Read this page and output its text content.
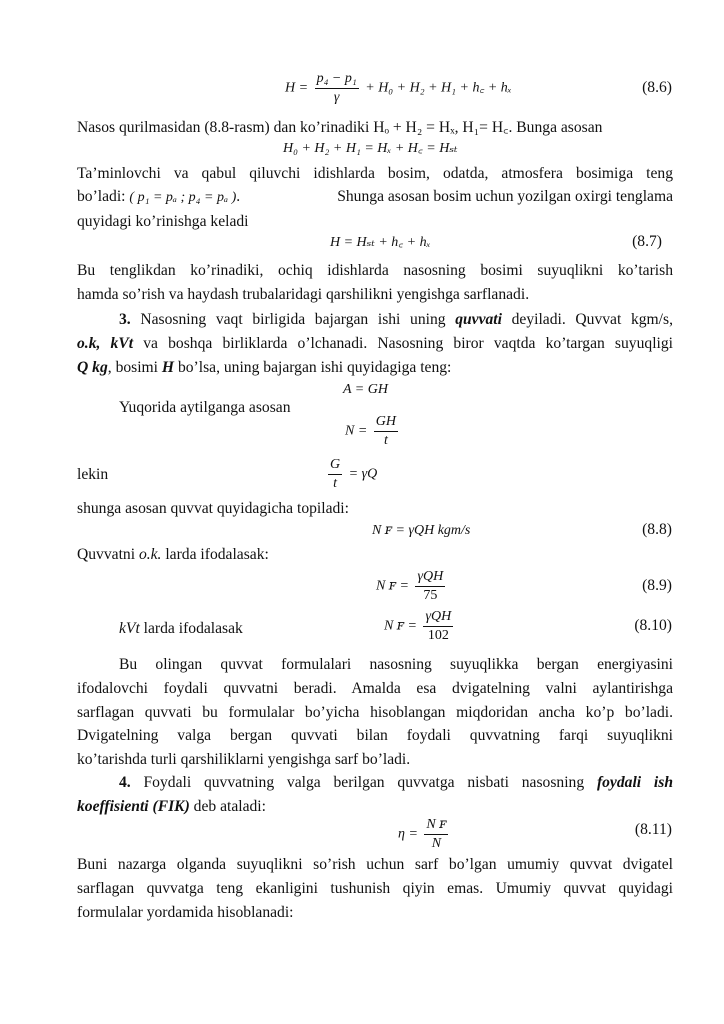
$H = \frac{\text{p₄ − p₁}}{\gamma} + H_0 + H_2 + H_1$ + h꜀ + hₓ	(8.6)
Nasos qurilmasidan (8.8-rasm) dan ko’rinadiki Hₒ + H₂ = Hₓ, H₁= H꜀. Bunga asosan
H₀ + H₂ + H₁ = Hₓ + H꜀ = Hₛₜ
Ta’minlovchi va qabul qiluvchi idishlarda bosim, odatda, atmosfera bosimiga teng
bo’ladi: ( p₁ = pₐ ; p₄ = pₐ ).	Shunga asosan bosim uchun yozilgan oxirgi tenglama
quyidagi ko’rinishga keladi
H = Hₛₜ + h꜀ + hₓ	(8.7)
Bu tenglikdan ko’rinadiki, ochiq idishlarda nasosning bosimi suyuqlikni ko’tarish
hamda so’rish va haydash trubalaridagi qarshilikni yengishga sarflanadi.
3. Nasosning vaqt birligida bajargan ishi uning quvvati deyiladi. Quvvat kgm/s,
o.k, kVt va boshqa birliklarda o’lchanadi. Nasosning biror vaqtda ko’targan suyuqligi
Q kg, bosimi H bo’lsa, uning bajargan ishi quyidagiga teng:
A = GH
Yuqorida aytilganga asosan
$N = \frac{GH}{t}$
lekin	$\frac{G}{t} = \gamma Q$
shunga asosan quvvat quyidagicha topiladi:
N ꜰ = γQH kgm/s	(8.8)
Quvvatni o.k. larda ifodalasak:
N ꜰ = $\frac{\text{γQH}}{75}$	(8.9)
kVt larda ifodalasak	N ꜰ = $\frac{\text{γQH}}{102}$	(8.10)
Bu olingan quvvat formulalari nasosning suyuqlikka bergan energiyasini
ifodalovchi foydali quvvatni beradi. Amalda esa dvigatelning valni aylantirishga
sarflagan quvvati bu formulalar bo’yicha hisoblangan miqdoridan ancha ko’p bo’ladi.
Dvigatelning valga bergan quvvati bilan foydali quvvatning farqi suyuqlikni
ko’tarishda turli qarshiliklarni yengishga sarf bo’ladi.
4. Foydali quvvatning valga berilgan quvvatga nisbati nasosning foydali ish
koeffisienti (FIK) deb ataladi:
$\eta = \frac{\text{N ꜰ}}{N}$	(8.11)
Buni nazarga olganda suyuqlikni so’rish uchun sarf bo’lgan umumiy quvvat dvigatel
sarflagan quvvatga teng ekanligini tushunish qiyin emas. Umumiy quvvat quyidagi
formulalar yordamida hisoblanadi:
